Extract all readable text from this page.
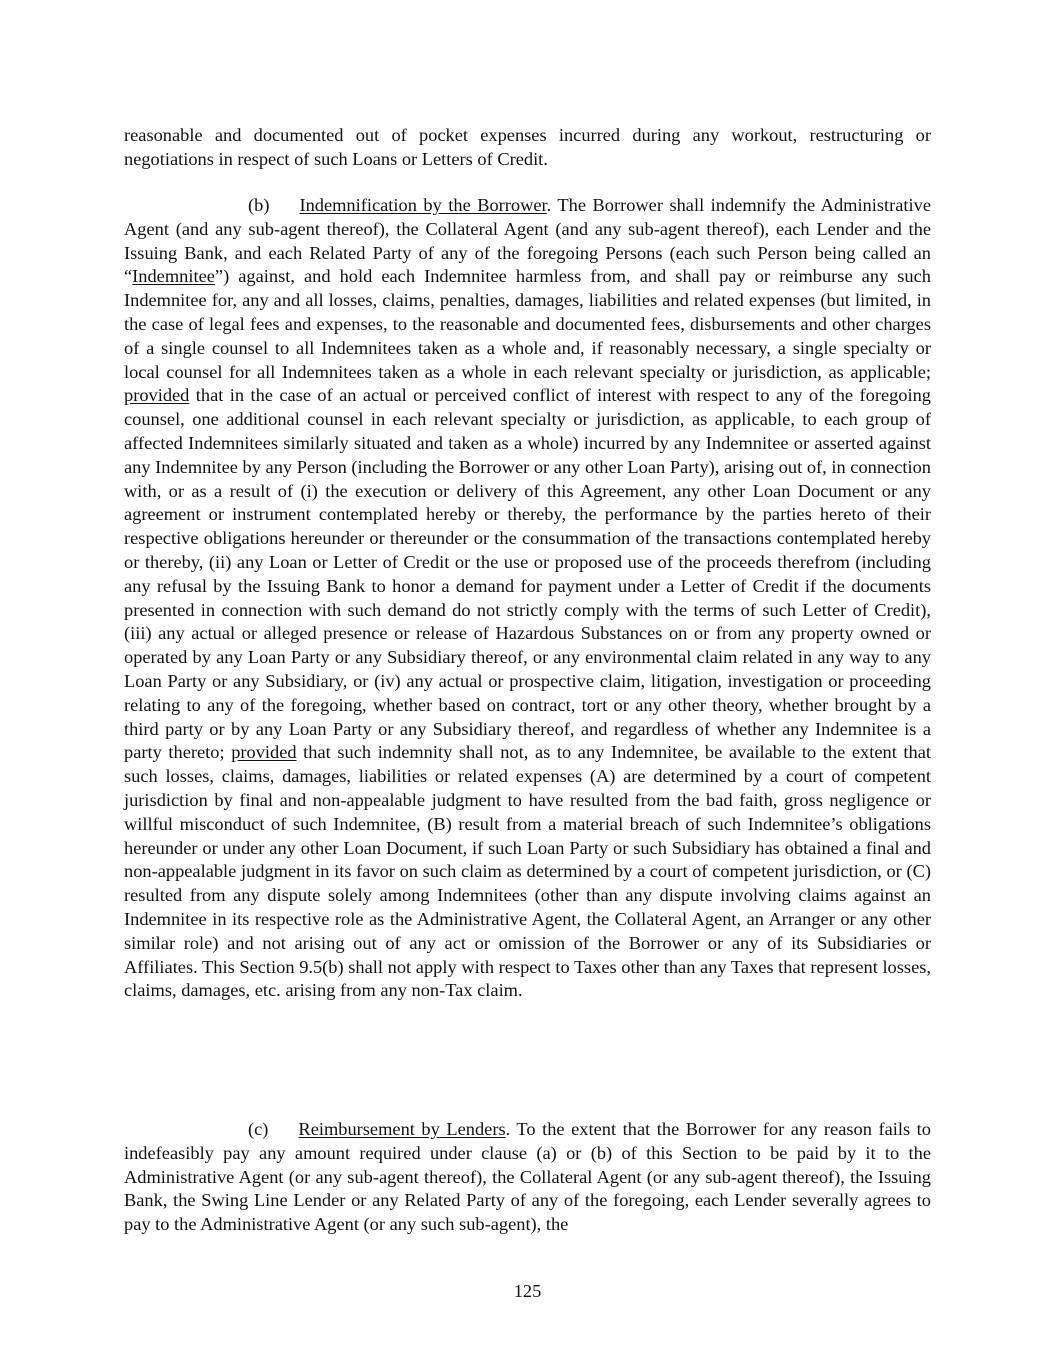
reasonable and documented out of pocket expenses incurred during any workout, restructuring or negotiations in respect of such Loans or Letters of Credit.

(b) Indemnification by the Borrower. The Borrower shall indemnify the Administrative Agent (and any sub-agent thereof), the Collateral Agent (and any sub-agent thereof), each Lender and the Issuing Bank, and each Related Party of any of the foregoing Persons (each such Person being called an “Indemnitee”) against, and hold each Indemnitee harmless from, and shall pay or reimburse any such Indemnitee for, any and all losses, claims, penalties, damages, liabilities and related expenses (but limited, in the case of legal fees and expenses, to the reasonable and documented fees, disbursements and other charges of a single counsel to all Indemnitees taken as a whole and, if reasonably necessary, a single specialty or local counsel for all Indemnitees taken as a whole in each relevant specialty or jurisdiction, as applicable; provided that in the case of an actual or perceived conflict of interest with respect to any of the foregoing counsel, one additional counsel in each relevant specialty or jurisdiction, as applicable, to each group of affected Indemnitees similarly situated and taken as a whole) incurred by any Indemnitee or asserted against any Indemnitee by any Person (including the Borrower or any other Loan Party), arising out of, in connection with, or as a result of (i) the execution or delivery of this Agreement, any other Loan Document or any agreement or instrument contemplated hereby or thereby, the performance by the parties hereto of their respective obligations hereunder or thereunder or the consummation of the transactions contemplated hereby or thereby, (ii) any Loan or Letter of Credit or the use or proposed use of the proceeds therefrom (including any refusal by the Issuing Bank to honor a demand for payment under a Letter of Credit if the documents presented in connection with such demand do not strictly comply with the terms of such Letter of Credit), (iii) any actual or alleged presence or release of Hazardous Substances on or from any property owned or operated by any Loan Party or any Subsidiary thereof, or any environmental claim related in any way to any Loan Party or any Subsidiary, or (iv) any actual or prospective claim, litigation, investigation or proceeding relating to any of the foregoing, whether based on contract, tort or any other theory, whether brought by a third party or by any Loan Party or any Subsidiary thereof, and regardless of whether any Indemnitee is a party thereto; provided that such indemnity shall not, as to any Indemnitee, be available to the extent that such losses, claims, damages, liabilities or related expenses (A) are determined by a court of competent jurisdiction by final and non-appealable judgment to have resulted from the bad faith, gross negligence or willful misconduct of such Indemnitee, (B) result from a material breach of such Indemnitee’s obligations hereunder or under any other Loan Document, if such Loan Party or such Subsidiary has obtained a final and non-appealable judgment in its favor on such claim as determined by a court of competent jurisdiction, or (C) resulted from any dispute solely among Indemnitees (other than any dispute involving claims against an Indemnitee in its respective role as the Administrative Agent, the Collateral Agent, an Arranger or any other similar role) and not arising out of any act or omission of the Borrower or any of its Subsidiaries or Affiliates. This Section 9.5(b) shall not apply with respect to Taxes other than any Taxes that represent losses, claims, damages, etc. arising from any non-Tax claim.

(c) Reimbursement by Lenders. To the extent that the Borrower for any reason fails to indefeasibly pay any amount required under clause (a) or (b) of this Section to be paid by it to the Administrative Agent (or any sub-agent thereof), the Collateral Agent (or any sub-agent thereof), the Issuing Bank, the Swing Line Lender or any Related Party of any of the foregoing, each Lender severally agrees to pay to the Administrative Agent (or any such sub-agent), the

125
